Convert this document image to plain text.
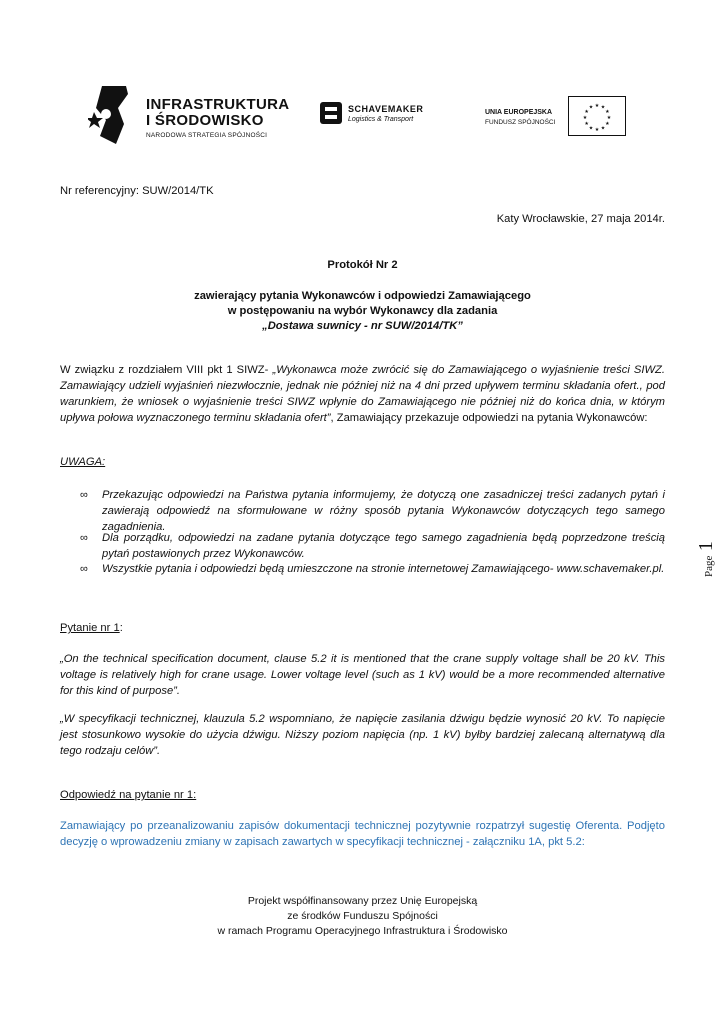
INFRASTRUKTURA
I ŚRODOWISKO
NARODOWA STRATEGIA SPÓJNOŚCI
SCHAVEMAKER
Logistics & Transport
UNIA EUROPEJSKA
FUNDUSZ SPÓJNOŚCI
★ ★
★
★
★
★
★
★
★
★
★
★
Nr referencyjny: SUW/2014/TK
Katy Wrocławskie, 27 maja 2014r.
Protokół Nr 2
zawierający pytania Wykonawców i odpowiedzi Zamawiającego
w postępowaniu na wybór Wykonawcy dla zadania
„Dostawa suwnicy - nr SUW/2014/TK”
W związku z rozdziałem VIII pkt 1 SIWZ- „Wykonawca może zwrócić się do Zamawiającego o wyjaśnienie treści SIWZ. Zamawiający udzieli wyjaśnień niezwłocznie, jednak nie później niż na 4 dni przed upływem terminu składania ofert., pod warunkiem, że wniosek o wyjaśnienie treści SIWZ wpłynie do Zamawiającego nie później niż do końca dnia, w którym upływa połowa wyznaczonego terminu składania ofert”, Zamawiający przekazuje odpowiedzi na pytania Wykonawców:
UWAGA:
∞ Przekazując odpowiedzi na Państwa pytania informujemy, że dotyczą one zasadniczej treści zadanych pytań i zawierają odpowiedź na sformułowane w różny sposób pytania Wykonawców dotyczących tego samego zagadnienia.
∞ Dla porządku, odpowiedzi na zadane pytania dotyczące tego samego zagadnienia będą poprzedzone treścią pytań postawionych przez Wykonawców.
∞ Wszystkie pytania i odpowiedzi będą umieszczone na stronie internetowej Zamawiającego- www.schavemaker.pl.
Pytanie nr 1:
„On the technical specification document, clause 5.2 it is mentioned that the crane supply voltage shall be 20 kV. This voltage is relatively high for crane usage. Lower voltage level (such as 1 kV) would be a more recommended alternative for this kind of purpose”.
„W specyfikacji technicznej, klauzula 5.2 wspomniano, że napięcie zasilania dźwigu będzie wynosić 20 kV. To napięcie jest stosunkowo wysokie do użycia dźwigu. Niższy poziom napięcia (np. 1 kV) byłby bardziej zalecaną alternatywą dla tego rodzaju celów”.
Odpowiedź na pytanie nr 1:
Zamawiający po przeanalizowaniu zapisów dokumentacji technicznej pozytywnie rozpatrzył sugestię Oferenta. Podjęto decyzję o wprowadzeniu zmiany w zapisach zawartych w specyfikacji technicznej - załączniku 1A, pkt 5.2:
Projekt współfinansowany przez Unię Europejską
ze środków Funduszu Spójności
w ramach Programu Operacyjnego Infrastruktura i Środowisko
Page 1
